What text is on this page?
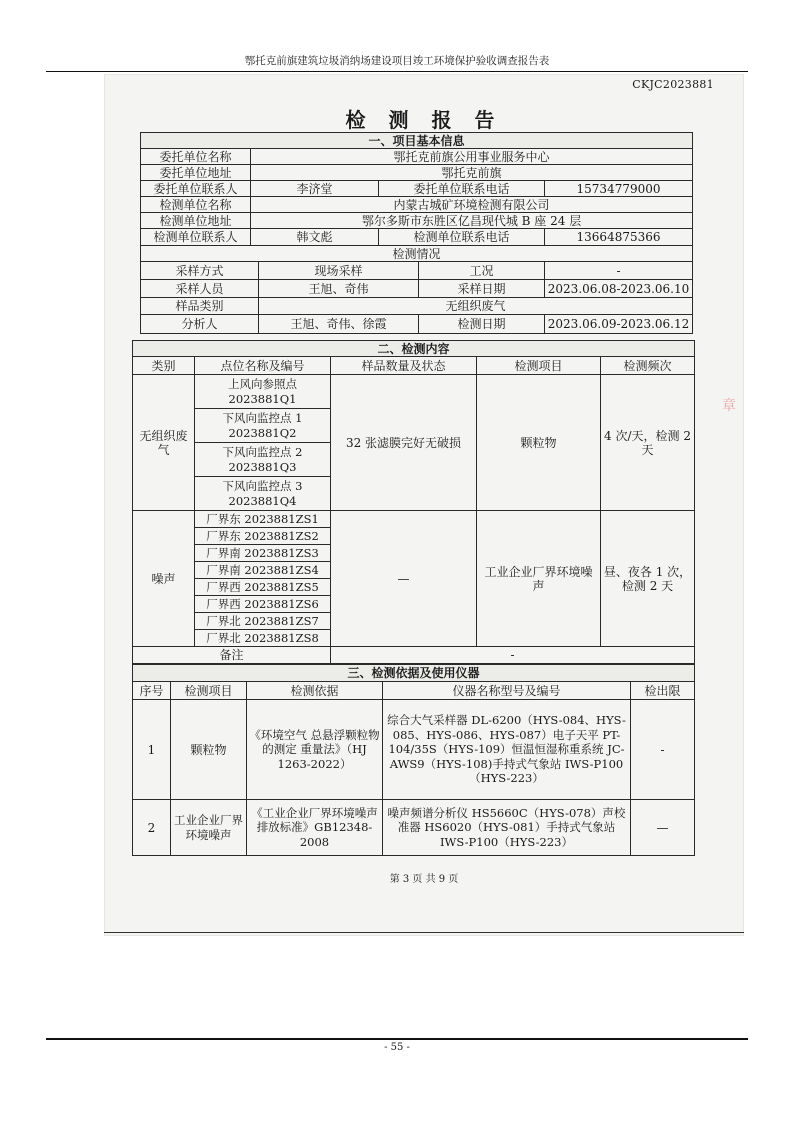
鄂托克前旗建筑垃圾消纳场建设项目竣工环境保护验收调查报告表
CKJC2023881
检 测 报 告
一、项目基本信息					
委托单位名称	鄂托克前旗公用事业服务中心				
委托单位地址	鄂托克前旗				
委托单位联系人	李济堂		委托单位联系电话		15734779000
检测单位名称	内蒙古城矿环境检测有限公司				
检测单位地址	鄂尔多斯市东胜区亿昌现代城 B 座 24 层				
检测单位联系人	韩文彪		检测单位联系电话		13664875366
检测情况					
采样方式		现场采样		工况	-
采样人员		王旭、奇伟		采样日期	2023.06.08-2023.06.10
样品类别		无组织废气			
分析人		王旭、奇伟、徐霞		检测日期	2023.06.09-2023.06.12
二、检测内容				
类别	点位名称及编号	样品数量及状态	检测项目	检测频次
无组织废气	上风向参照点
2023881Q1	32 张滤膜完好无破损	颗粒物	4 次/天，检测 2 天
	下风向监控点 1
2023881Q2			
	下风向监控点 2
2023881Q3			
	下风向监控点 3
2023881Q4			
噪声	厂界东 2023881ZS1	—	工业企业厂界环境噪声	昼、夜各 1 次，检测 2 天
	厂界东 2023881ZS2			
	厂界南 2023881ZS3			
	厂界南 2023881ZS4			
	厂界西 2023881ZS5			
	厂界西 2023881ZS6			
	厂界北 2023881ZS7			
	厂界北 2023881ZS8			
备注		-		
三、检测依据及使用仪器				
序号	检测项目	检测依据	仪器名称型号及编号	检出限
1	颗粒物	《环境空气 总悬浮颗粒物的测定 重量法》（HJ 1263-2022）	综合大气采样器 DL-6200（HYS-084、HYS-085、HYS-086、HYS-087）电子天平 PT-104/35S（HYS-109）恒温恒湿称重系统 JC-AWS9（HYS-108)手持式气象站 IWS-P100（HYS-223）	-
2	工业企业厂界环境噪声	《工业企业厂界环境噪声排放标准》GB12348-2008	噪声频谱分析仪 HS5660C（HYS-078）声校准器 HS6020（HYS-081）手持式气象站 IWS-P100（HYS-223）	—
第 3 页 共 9 页
章
- 55 -
